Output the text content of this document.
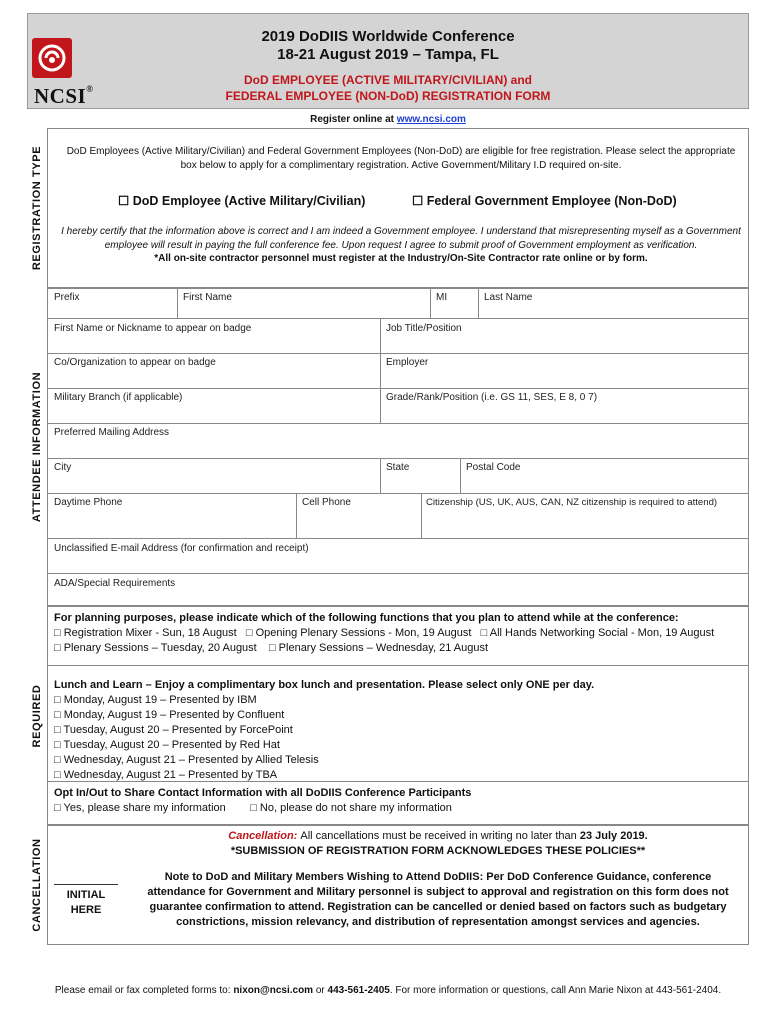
NCSI®
2019 DoDIIS Worldwide Conference
18-21 August 2019 – Tampa, FL
DoD EMPLOYEE (ACTIVE MILITARY/CIVILIAN) and
FEDERAL EMPLOYEE (NON-DoD) REGISTRATION FORM
Register online at www.ncsi.com
REGISTRATION TYPE	DoD Employees (Active Military/Civilian) and Federal Government Employees (Non-DoD) are eligible for free registration. Please select the appropriate
box below to apply for a complimentary registration. Active Government/Military I.D required on-site.
☐ DoD Employee (Active Military/Civilian)	☐ Federal Government Employee (Non-DoD)
I hereby certify that the information above is correct and I am indeed a Government employee. I understand that misrepresenting myself as a Government
employee will result in paying the full conference fee. Upon request I agree to submit proof of Government employment as verification.
*All on-site contractor personnel must register at the Industry/On-Site Contractor rate online or by form.
ATTENDEE INFORMATION
Prefix	First Name	MI	Last Name
First Name or Nickname to appear on badge	Job Title/Position
Co/Organization to appear on badge	Employer
Military Branch (if applicable)	Grade/Rank/Position (i.e. GS 11, SES, E 8, 0 7)
Preferred Mailing Address
City	State	Postal Code
Daytime Phone	Cell Phone	Citizenship (US, UK, AUS, CAN, NZ citizenship is required to attend)
Unclassified E-mail Address (for confirmation and receipt)
ADA/Special Requirements
REQUIRED
For planning purposes, please indicate which of the following functions that you plan to attend while at the conference:
□ Registration Mixer - Sun, 18 August □ Opening Plenary Sessions - Mon, 19 August □ All Hands Networking Social - Mon, 19 August
□ Plenary Sessions – Tuesday, 20 August □ Plenary Sessions – Wednesday, 21 August
Lunch and Learn – Enjoy a complimentary box lunch and presentation. Please select only ONE per day.
□ Monday, August 19 – Presented by IBM
□ Monday, August 19 – Presented by Confluent
□ Tuesday, August 20 – Presented by ForcePoint
□ Tuesday, August 20 – Presented by Red Hat
□ Wednesday, August 21 – Presented by Allied Telesis
□ Wednesday, August 21 – Presented by TBA
Opt In/Out to Share Contact Information with all DoDIIS Conference Participants
□ Yes, please share my information □ No, please do not share my information
CANCELLATION
Cancellation: All cancellations must be received in writing no later than 23 July 2019.
*SUBMISSION OF REGISTRATION FORM ACKNOWLEDGES THESE POLICIES**
INITIAL
HERE
Note to DoD and Military Members Wishing to Attend DoDIIS: Per DoD Conference Guidance, conference
attendance for Government and Military personnel is subject to approval and registration on this form does not
guarantee confirmation to attend. Registration can be cancelled or denied based on factors such as budgetary
constrictions, mission relevancy, and distribution of representation amongst services and agencies.
Please email or fax completed forms to: nixon@ncsi.com or 443-561-2405. For more information or questions, call Ann Marie Nixon at 443-561-2404.
